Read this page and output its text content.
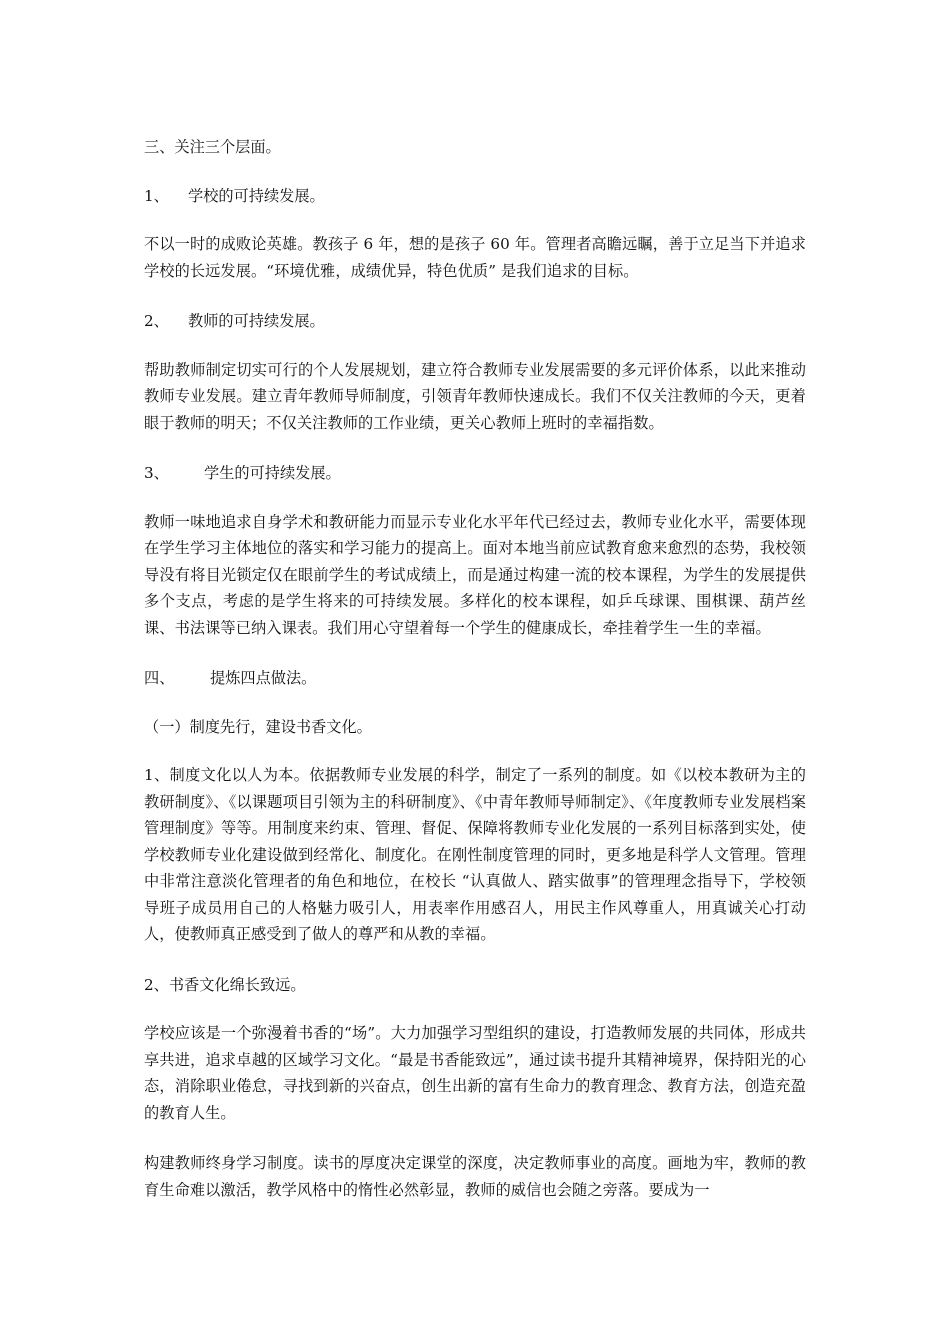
三、关注三个层面。

1、 学校的可持续发展。

不以一时的成败论英雄。教孩子 6 年，想的是孩子 60 年。管理者高瞻远瞩，善于立足当下并追求学校的长远发展。“环境优雅，成绩优异，特色优质” 是我们追求的目标。

2、 教师的可持续发展。

帮助教师制定切实可行的个人发展规划，建立符合教师专业发展需要的多元评价体系，以此来推动教师专业发展。建立青年教师导师制度，引领青年教师快速成长。我们不仅关注教师的今天，更着眼于教师的明天；不仅关注教师的工作业绩，更关心教师上班时的幸福指数。

3、 学生的可持续发展。

教师一味地追求自身学术和教研能力而显示专业化水平年代已经过去，教师专业化水平，需要体现在学生学习主体地位的落实和学习能力的提高上。面对本地当前应试教育愈来愈烈的态势，我校领导没有将目光锁定仅在眼前学生的考试成绩上，而是通过构建一流的校本课程，为学生的发展提供多个支点，考虑的是学生将来的可持续发展。多样化的校本课程，如乒乓球课、围棋课、葫芦丝课、书法课等已纳入课表。我们用心守望着每一个学生的健康成长，牵挂着学生一生的幸福。

四、 提炼四点做法。

（一）制度先行，建设书香文化。

1、制度文化以人为本。依据教师专业发展的科学，制定了一系列的制度。如《以校本教研为主的教研制度》、《以课题项目引领为主的科研制度》、《中青年教师导师制定》、《年度教师专业发展档案管理制度》等等。用制度来约束、管理、督促、保障将教师专业化发展的一系列目标落到实处，使学校教师专业化建设做到经常化、制度化。在刚性制度管理的同时，更多地是科学人文管理。管理中非常注意淡化管理者的角色和地位，在校长 “认真做人、踏实做事”的管理理念指导下，学校领导班子成员用自己的人格魅力吸引人，用表率作用感召人，用民主作风尊重人，用真诚关心打动人，使教师真正感受到了做人的尊严和从教的幸福。

2、书香文化绵长致远。

学校应该是一个弥漫着书香的“场”。大力加强学习型组织的建设，打造教师发展的共同体，形成共享共进，追求卓越的区域学习文化。“最是书香能致远”，通过读书提升其精神境界，保持阳光的心态，消除职业倦怠，寻找到新的兴奋点，创生出新的富有生命力的教育理念、教育方法，创造充盈的教育人生。

构建教师终身学习制度。读书的厚度决定课堂的深度，决定教师事业的高度。画地为牢，教师的教育生命难以激活，教学风格中的惰性必然彰显，教师的威信也会随之旁落。要成为一
